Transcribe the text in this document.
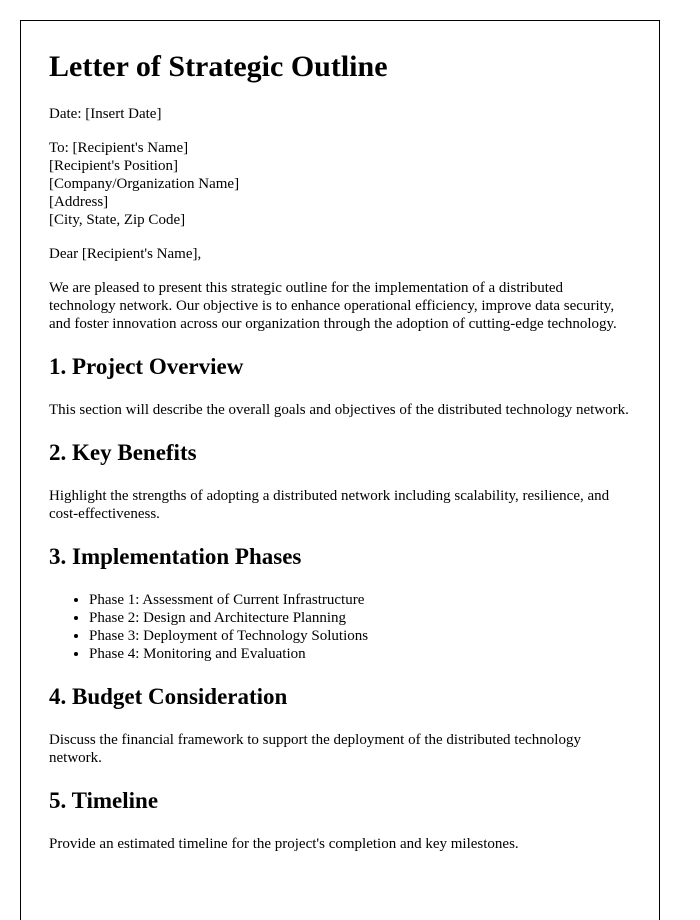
Letter of Strategic Outline

Date: [Insert Date]

To: [Recipient's Name]
[Recipient's Position]
[Company/Organization Name]
[Address]
[City, State, Zip Code]

Dear [Recipient's Name],

We are pleased to present this strategic outline for the implementation of a distributed technology network. Our objective is to enhance operational efficiency, improve data security, and foster innovation across our organization through the adoption of cutting-edge technology.

1. Project Overview

This section will describe the overall goals and objectives of the distributed technology network.

2. Key Benefits

Highlight the strengths of adopting a distributed network including scalability, resilience, and cost-effectiveness.

3. Implementation Phases
• Phase 1: Assessment of Current Infrastructure
• Phase 2: Design and Architecture Planning
• Phase 3: Deployment of Technology Solutions
• Phase 4: Monitoring and Evaluation
4. Budget Consideration

Discuss the financial framework to support the deployment of the distributed technology network.

5. Timeline

Provide an estimated timeline for the project's completion and key milestones.
